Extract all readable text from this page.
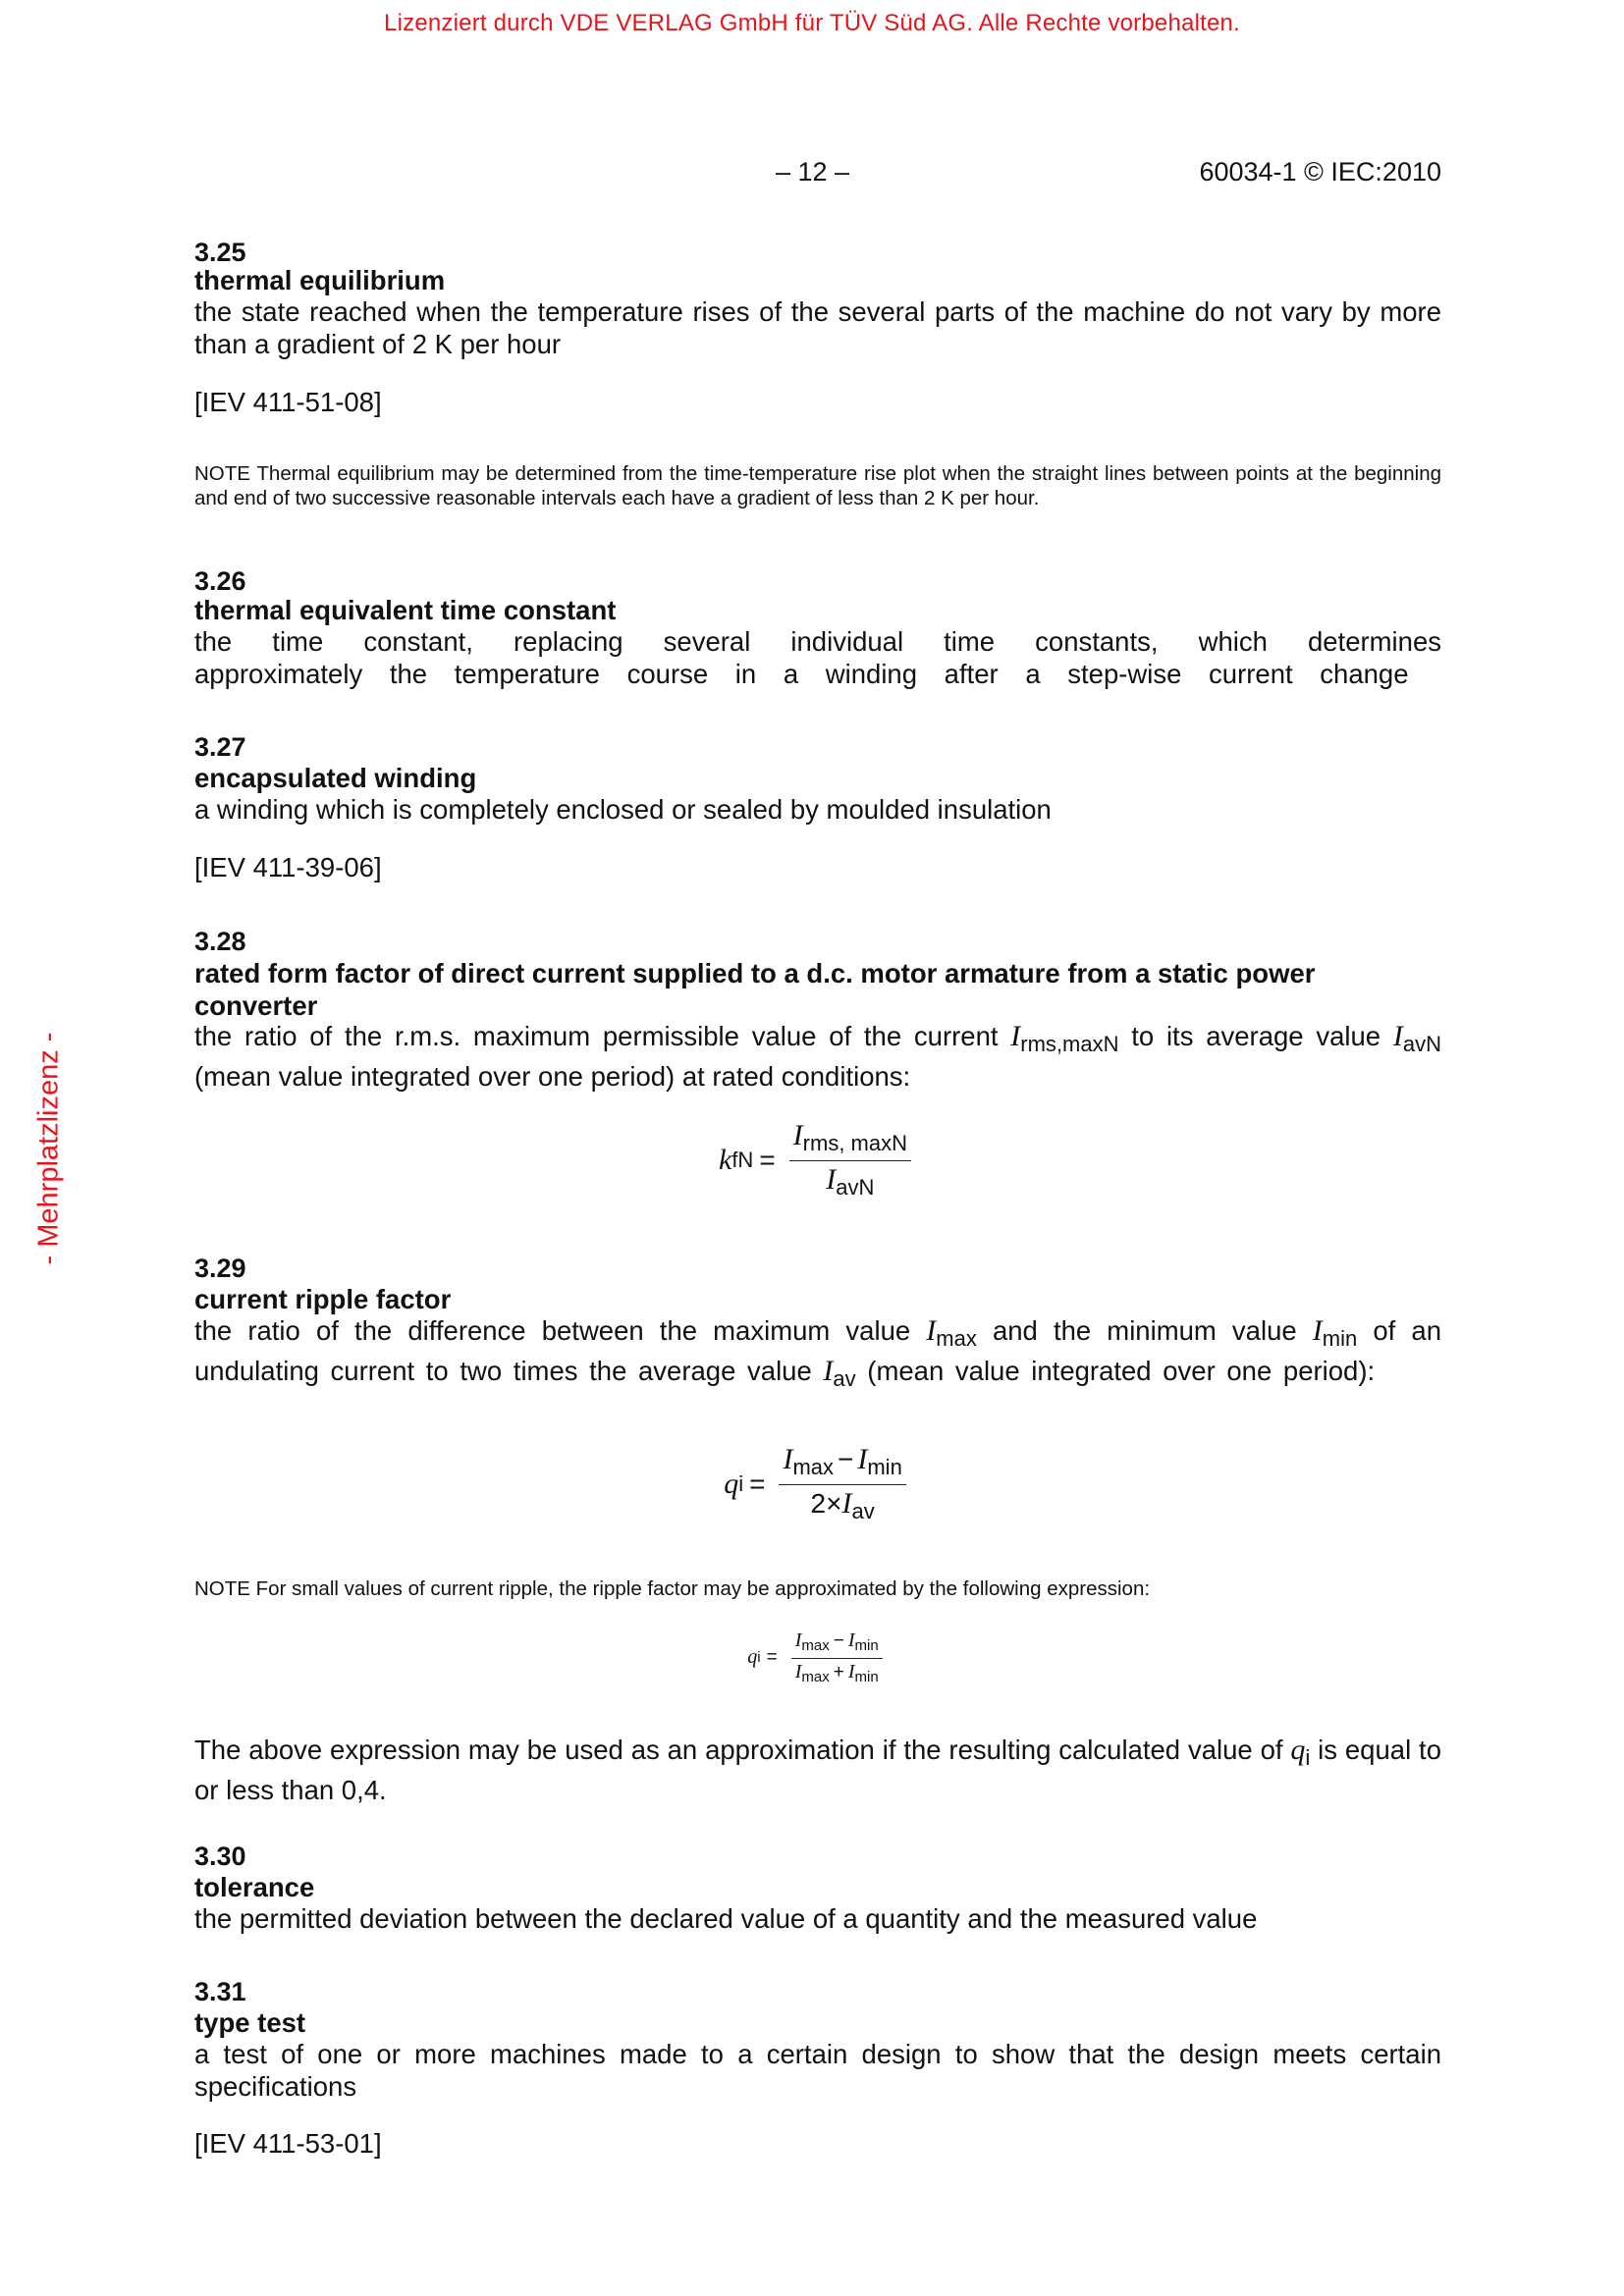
Lizenziert durch VDE VERLAG GmbH für TÜV Süd AG. Alle Rechte vorbehalten.
- Mehrplatzlizenz -
– 12 –	60034-1 © IEC:2010
3.25
thermal equilibrium
the state reached when the temperature rises of the several parts of the machine do not vary by more than a gradient of 2 K per hour
[IEV 411-51-08]
NOTE Thermal equilibrium may be determined from the time-temperature rise plot when the straight lines between points at the beginning and end of two successive reasonable intervals each have a gradient of less than 2 K per hour.
3.26
thermal equivalent time constant
the time constant, replacing several individual time constants, which determines approximately the temperature course in a winding after a step-wise current change
3.27
encapsulated winding
a winding which is completely enclosed or sealed by moulded insulation
[IEV 411-39-06]
3.28
rated form factor of direct current supplied to a d.c. motor armature from a static power converter
the ratio of the r.m.s. maximum permissible value of the current $I_{rms,maxN}$ to its average value $I_{avN}$ (mean value integrated over one period) at rated conditions:
k fN = $\frac{I_{rms, maxN}}{I_{avN}}$
3.29
current ripple factor
the ratio of the difference between the maximum value $I_{max}$ and the minimum value $I_{min}$ of an undulating current to two times the average value $I_{av}$ (mean value integrated over one period):
q $i = \frac{I_{max} - I_{min}}{2\times I_{av}}$
NOTE For small values of current ripple, the ripple factor may be approximated by the following expression:
q $i = \frac{Imax - Imin}{Imax + Imin}$
The above expression may be used as an approximation if the resulting calculated value of $q_i$ is equal to or less than 0,4.
3.30
tolerance
the permitted deviation between the declared value of a quantity and the measured value
3.31
type test
a test of one or more machines made to a certain design to show that the design meets certain specifications
[IEV 411-53-01]
